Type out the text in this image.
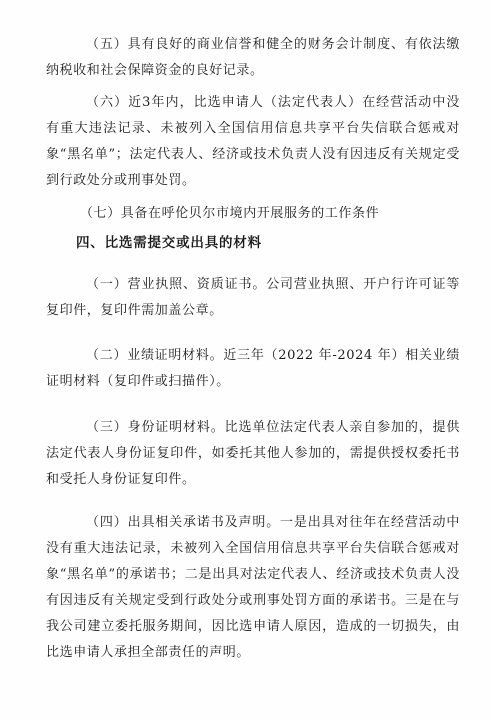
（五）具有良好的商业信誉和健全的财务会计制度、有依法缴纳税收和社会保障资金的良好记录。

（六）近3年内，比选申请人（法定代表人）在经营活动中没有重大违法记录、未被列入全国信用信息共享平台失信联合惩戒对象“黑名单”；法定代表人、经济或技术负责人没有因违反有关规定受到行政处分或刑事处罚。

（七）具备在呼伦贝尔市境内开展服务的工作条件

四、比选需提交或出具的材料

（一）营业执照、资质证书。公司营业执照、开户行许可证等复印件，复印件需加盖公章。

（二）业绩证明材料。近三年（2022 年-2024 年）相关业绩证明材料（复印件或扫描件）。

（三）身份证明材料。比选单位法定代表人亲自参加的，提供法定代表人身份证复印件，如委托其他人参加的，需提供授权委托书和受托人身份证复印件。

（四）出具相关承诺书及声明。一是出具对往年在经营活动中没有重大违法记录，未被列入全国信用信息共享平台失信联合惩戒对象“黑名单”的承诺书；二是出具对法定代表人、经济或技术负责人没有因违反有关规定受到行政处分或刑事处罚方面的承诺书。三是在与我公司建立委托服务期间，因比选申请人原因，造成的一切损失，由比选申请人承担全部责任的声明。
